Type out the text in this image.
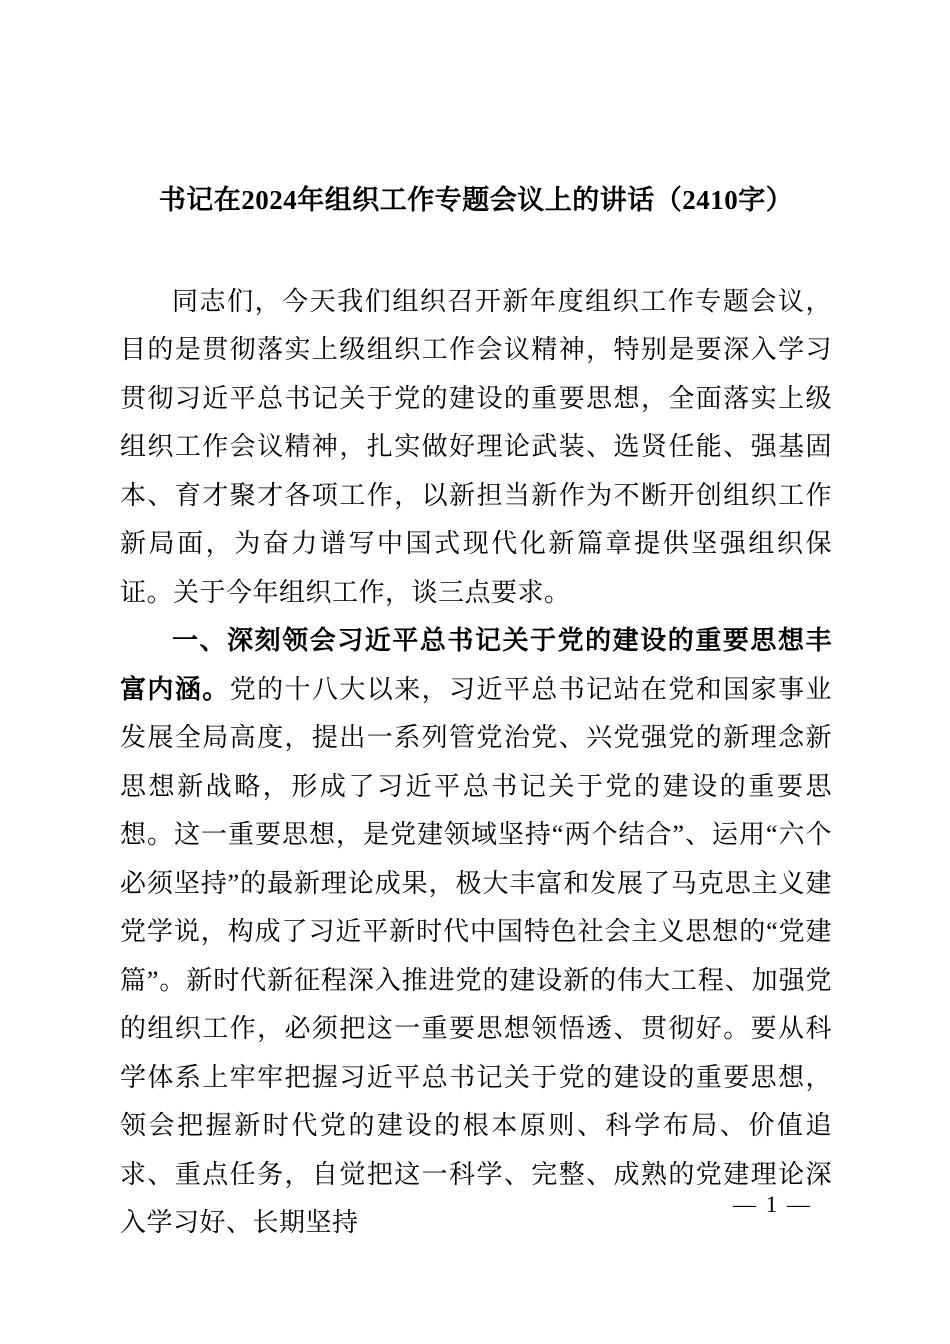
书记在2024年组织工作专题会议上的讲话（2410字）

同志们，今天我们组织召开新年度组织工作专题会议，目的是贯彻落实上级组织工作会议精神，特别是要深入学习贯彻习近平总书记关于党的建设的重要思想，全面落实上级组织工作会议精神，扎实做好理论武装、选贤任能、强基固本、育才聚才各项工作，以新担当新作为不断开创组织工作新局面，为奋力谱写中国式现代化新篇章提供坚强组织保证。关于今年组织工作，谈三点要求。

一、深刻领会习近平总书记关于党的建设的重要思想丰富内涵。党的十八大以来，习近平总书记站在党和国家事业发展全局高度，提出一系列管党治党、兴党强党的新理念新思想新战略，形成了习近平总书记关于党的建设的重要思想。这一重要思想，是党建领域坚持“两个结合”、运用“六个必须坚持”的最新理论成果，极大丰富和发展了马克思主义建党学说，构成了习近平新时代中国特色社会主义思想的“党建篇”。新时代新征程深入推进党的建设新的伟大工程、加强党的组织工作，必须把这一重要思想领悟透、贯彻好。要从科学体系上牢牢把握习近平总书记关于党的建设的重要思想，领会把握新时代党的建设的根本原则、科学布局、价值追求、重点任务，自觉把这一科学、完整、成熟的党建理论深入学习好、长期坚持

— 1 —
